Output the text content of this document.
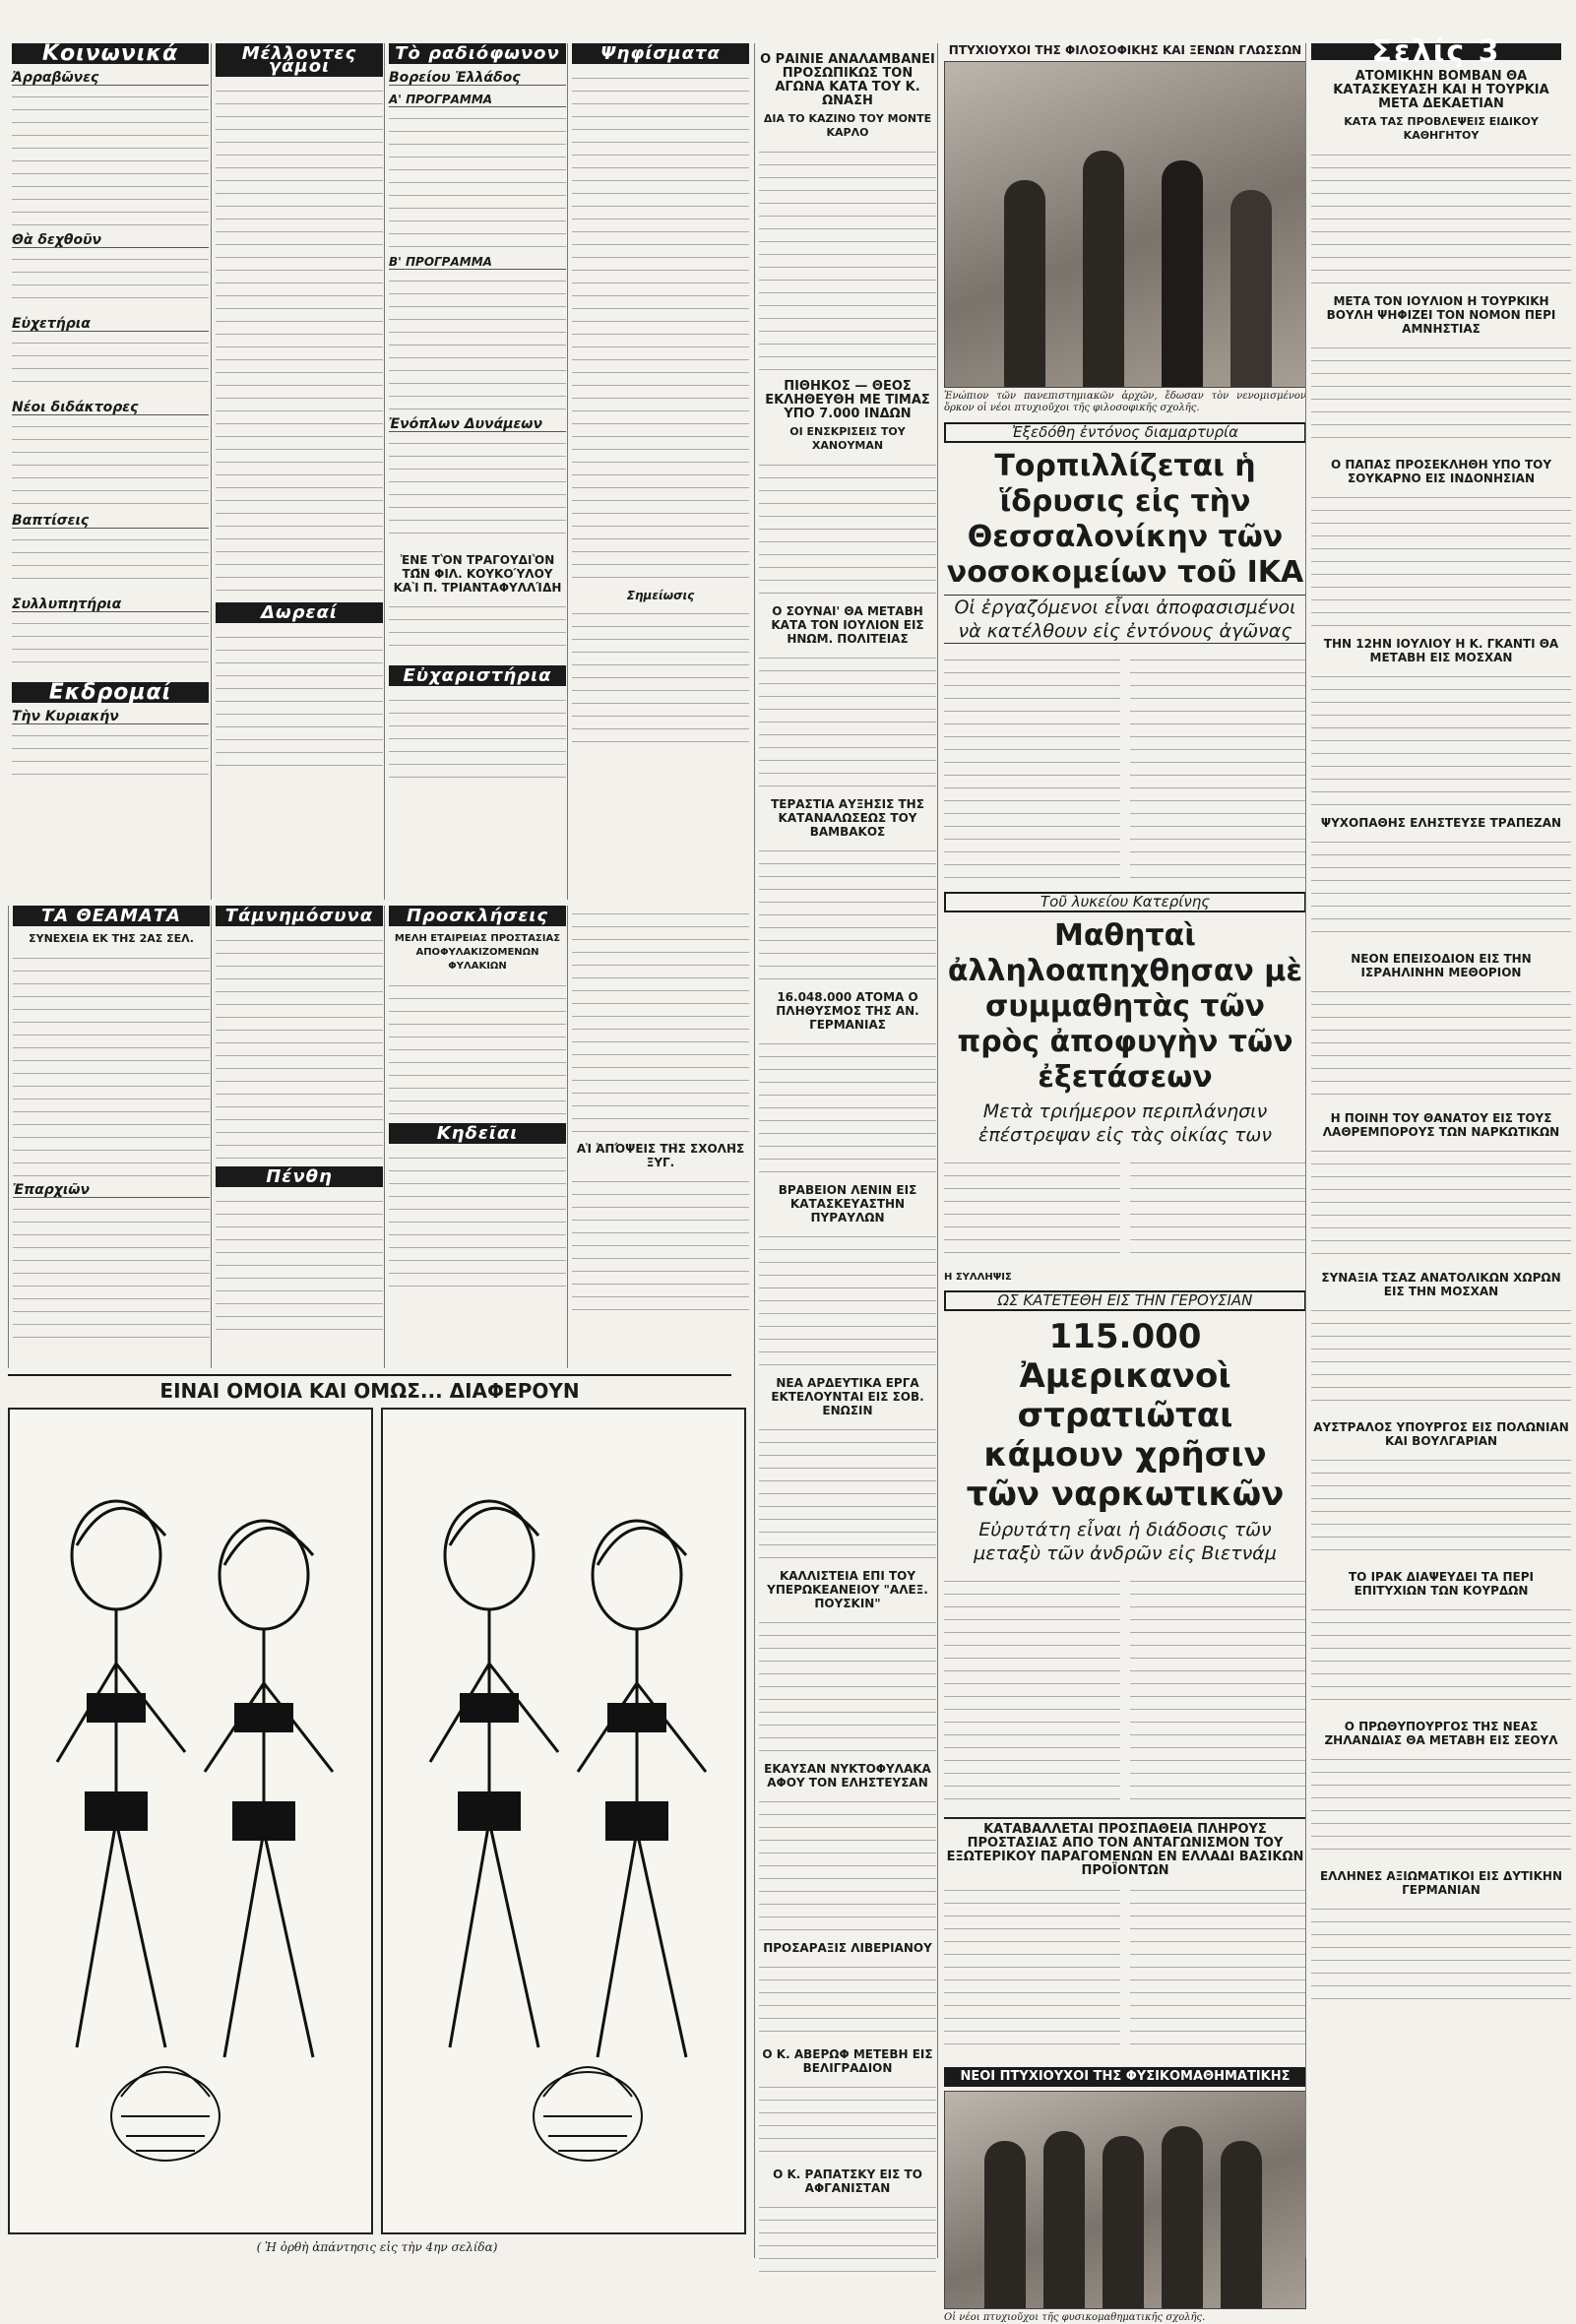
Κοινωνικά
Ἀρραβῶνες
Θὰ δεχθοῦν
Εὐχετήρια
Νέοι διδάκτορες
Βαπτίσεις
Συλλυπητήρια
Εκδρομαί
Τὴν Κυριακήν
Μέλλοντες γάμοι
Δωρεαί
Τὸ ραδιόφωνον
Βορείου Ἑλλάδος
Α' ΠΡΟΓΡΑΜΜΑ
Β' ΠΡΟΓΡΑΜΜΑ
Ἐνόπλων Δυνάμεων
ἘΝΕ ΤῸΝ ΤΡΑΓΟΥΔΙῸΝ ΤΩ͂Ν ΦΙΛ. ΚΟΥΚΟΎΛΟΥ ΚΑῚ Π. ΤΡΙΑΝΤΑΦΥΛΛΊΔΗ
Εὐχαριστήρια
Ψηφίσματα
Σημείωσις
Ο ΡΑΙΝΙΕ ΑΝΑΛΑΜΒΑΝΕΙ ΠΡΟΣΩΠΙΚΩΣ ΤΟΝ ΑΓΩΝΑ ΚΑΤΑ ΤΟΥ Κ. ΩΝΑΣΗ
ΔΙΑ ΤΟ ΚΑΖΙΝΟ ΤΟΥ ΜΟΝΤΕ ΚΑΡΛΟ
ΠΙΘΗΚΟΣ — ΘΕΟΣ ΕΚΛΗΘΕΥΘΗ ΜΕ ΤΙΜΑΣ ΥΠΟ 7.000 ΙΝΔΩΝ
ΟΙ ΕΝΣΚΡΙΣΕΙΣ ΤΟΥ ΧΑΝΟΥΜΑΝ
Ο ΣΟΥΝΑΙ' ΘΑ ΜΕΤΑΒΗ ΚΑΤΑ ΤΟΝ ΙΟΥΛΙΟΝ ΕΙΣ ΗΝΩΜ. ΠΟΛΙΤΕΙΑΣ
ΤΕΡΑΣΤΙΑ ΑΥΞΗΣΙΣ ΤΗΣ ΚΑΤΑΝΑΛΩΣΕΩΣ ΤΟΥ ΒΑΜΒΑΚΟΣ
16.048.000 ΑΤΟΜΑ Ο ΠΛΗΘΥΣΜΟΣ ΤΗΣ ΑΝ. ΓΕΡΜΑΝΙΑΣ
ΒΡΑΒΕΙΟΝ ΛΕΝΙΝ ΕΙΣ ΚΑΤΑΣΚΕΥΑΣΤΗΝ ΠΥΡΑΥΛΩΝ
ΝΕΑ ΑΡΔΕΥΤΙΚΑ ΕΡΓΑ ΕΚΤΕΛΟΥΝΤΑΙ ΕΙΣ ΣΟΒ. ΕΝΩΣΙΝ
ΚΑΛΛΙΣΤΕΙΑ ΕΠΙ ΤΟΥ ΥΠΕΡΩΚΕΑΝΕΙΟΥ "ΑΛΕΞ. ΠΟΥΣΚΙΝ"
ΕΚΑΥΣΑΝ ΝΥΚΤΟΦΥΛΑΚΑ ΑΦΟΥ ΤΟΝ ΕΛΗΣΤΕΥΣΑΝ
ΠΡΟΣΑΡΑΞΙΣ ΛΙΒΕΡΙΑΝΟΥ
Ο Κ. ΑΒΕΡΩΦ ΜΕΤΕΒΗ ΕΙΣ ΒΕΛΙΓΡΑΔΙΟΝ
Ο Κ. ΡΑΠΑΤΣΚΥ ΕΙΣ ΤΟ ΑΦΓΑΝΙΣΤΑΝ
ΠΤΥΧΙΟΥΧΟΙ ΤΗΣ ΦΙΛΟΣΟΦΙΚΗΣ ΚΑΙ ΞΕΝΩΝ ΓΛΩΣΣΩΝ
Ἐνώπιον τῶν πανεπιστημιακῶν ἀρχῶν, ἔδωσαν τὸν νενομισμένον ὅρκον οἱ νέοι πτυχιοῦχοι τῆς φιλοσοφικῆς σχολῆς.
Ἐξεδόθη ἐντόνος διαμαρτυρία
Τορπιλλίζεται ἡ ἵδρυσις εἰς τὴν Θεσσαλονίκην τῶν νοσοκομείων τοῦ ΙΚΑ
Οἱ ἐργαζόμενοι εἶναι ἀποφασισμένοι νὰ κατέλθουν εἰς ἐντόνους ἀγῶνας
Τοῦ λυκείου Κατερίνης
Μαθηταὶ ἀλληλοαπηχθησαν μὲ συμμαθητὰς τῶν πρὸς ἀποφυγὴν τῶν ἐξετάσεων
Μετὰ τριήμερον περιπλάνησιν ἐπέστρεψαν εἰς τὰς οἰκίας των
Η ΣΥΛΛΗΨΙΣ
ΩΣ ΚΑΤΕΤΕΘΗ ΕΙΣ ΤΗΝ ΓΕΡΟΥΣΙΑΝ
115.000 Ἀμερικανοὶ στρατιῶται κάμουν χρῆσιν τῶν ναρκωτικῶν
Εὐρυτάτη εἶναι ἡ διάδοσις τῶν μεταξὺ τῶν ἀνδρῶν εἰς Βιετνάμ
ΚΑΤΑΒΑΛΛΕΤΑΙ ΠΡΟΣΠΑΘΕΙΑ ΠΛΗΡΟΥΣ ΠΡΟΣΤΑΣΙΑΣ ΑΠΟ ΤΟΝ ΑΝΤΑΓΩΝΙΣΜΟΝ ΤΟΥ ΕΞΩΤΕΡΙΚΟΥ ΠΑΡΑΓΟΜΕΝΩΝ ΕΝ ΕΛΛΑΔΙ ΒΑΣΙΚΩΝ ΠΡΟΪΟΝΤΩΝ
ΝΕΟΙ ΠΤΥΧΙΟΥΧΟΙ ΤΗΣ ΦΥΣΙΚΟΜΑΘΗΜΑΤΙΚΗΣ
Οἱ νέοι πτυχιοῦχοι τῆς φυσικομαθηματικῆς σχολῆς.
Σελίς 3
ΑΤΟΜΙΚΗΝ ΒΟΜΒΑΝ ΘΑ ΚΑΤΑΣΚΕΥΑΣΗ ΚΑΙ Η ΤΟΥΡΚΙΑ ΜΕΤΑ ΔΕΚΑΕΤΙΑΝ
ΚΑΤΑ ΤΑΣ ΠΡΟΒΛΕΨΕΙΣ ΕΙΔΙΚΟΥ ΚΑΘΗΓΗΤΟΥ
ΜΕΤΑ ΤΟΝ ΙΟΥΛΙΟΝ Η ΤΟΥΡΚΙΚΗ ΒΟΥΛΗ ΨΗΦΙΖΕΙ ΤΟΝ ΝΟΜΟΝ ΠΕΡΙ ΑΜΝΗΣΤΙΑΣ
Ο ΠΑΠΑΣ ΠΡΟΣΕΚΛΗΘΗ ΥΠΟ ΤΟΥ ΣΟΥΚΑΡΝΟ ΕΙΣ ΙΝΔΟΝΗΣΙΑΝ
ΤΗΝ 12ΗΝ ΙΟΥΛΙΟΥ Η Κ. ΓΚΑΝΤΙ ΘΑ ΜΕΤΑΒΗ ΕΙΣ ΜΟΣΧΑΝ
ΨΥΧΟΠΑΘΗΣ ΕΛΗΣΤΕΥΣΕ ΤΡΑΠΕΖΑΝ
ΝΕΟΝ ΕΠΕΙΣΟΔΙΟΝ ΕΙΣ ΤΗΝ ΙΣΡΑΗΛΙΝΗΝ ΜΕΘΟΡΙΟΝ
Η ΠΟΙΝΗ ΤΟΥ ΘΑΝΑΤΟΥ ΕΙΣ ΤΟΥΣ ΛΑΘΡΕΜΠΟΡΟΥΣ ΤΩΝ ΝΑΡΚΩΤΙΚΩΝ
ΣΥΝΑΞΙΑ ΤΣΑΖ ΑΝΑΤΟΛΙΚΩΝ ΧΩΡΩΝ ΕΙΣ ΤΗΝ ΜΟΣΧΑΝ
ΑΥΣΤΡΑΛΟΣ ΥΠΟΥΡΓΟΣ ΕΙΣ ΠΟΛΩΝΙΑΝ ΚΑΙ ΒΟΥΛΓΑΡΙΑΝ
ΤΟ ΙΡΑΚ ΔΙΑΨΕΥΔΕΙ ΤΑ ΠΕΡΙ ΕΠΙΤΥΧΙΩΝ ΤΩΝ ΚΟΥΡΔΩΝ
Ο ΠΡΩΘΥΠΟΥΡΓΟΣ ΤΗΣ ΝΕΑΣ ΖΗΛΑΝΔΙΑΣ ΘΑ ΜΕΤΑΒΗ ΕΙΣ ΣΕΟΥΛ
ΕΛΛΗΝΕΣ ΑΞΙΩΜΑΤΙΚΟΙ ΕΙΣ ΔΥΤΙΚΗΝ ΓΕΡΜΑΝΙΑΝ
ΤΑ ΘΕΑΜΑΤΑ
ΣΥΝΕΧΕΙΑ ΕΚ ΤΗΣ 2ΑΣ ΣΕΛ.
Ἐπαρχιῶν
Τάμνημόσυνα
Πένθη
Προσκλήσεις
ΜΕΛΗ ΕΤΑΙΡΕΙΑΣ ΠΡΟΣΤΑΣΙΑΣ ΑΠΟΦΥΛΑΚΙΖΟΜΕΝΩΝ ΦΥΛΑΚΙΩΝ
Κηδεῖαι
ΑἹ ἈΠΌΨΕΙΣ ΤΗ͂Σ ΣΧΟΛΗ͂Σ ΞΥΓ.
ΕΙΝΑΙ ΟΜΟΙΑ ΚΑΙ ΟΜΩΣ... ΔΙΑΦΕΡΟΥΝ
( Ἡ ὀρθὴ ἀπάντησις εἰς τὴν 4ην σελίδα)
